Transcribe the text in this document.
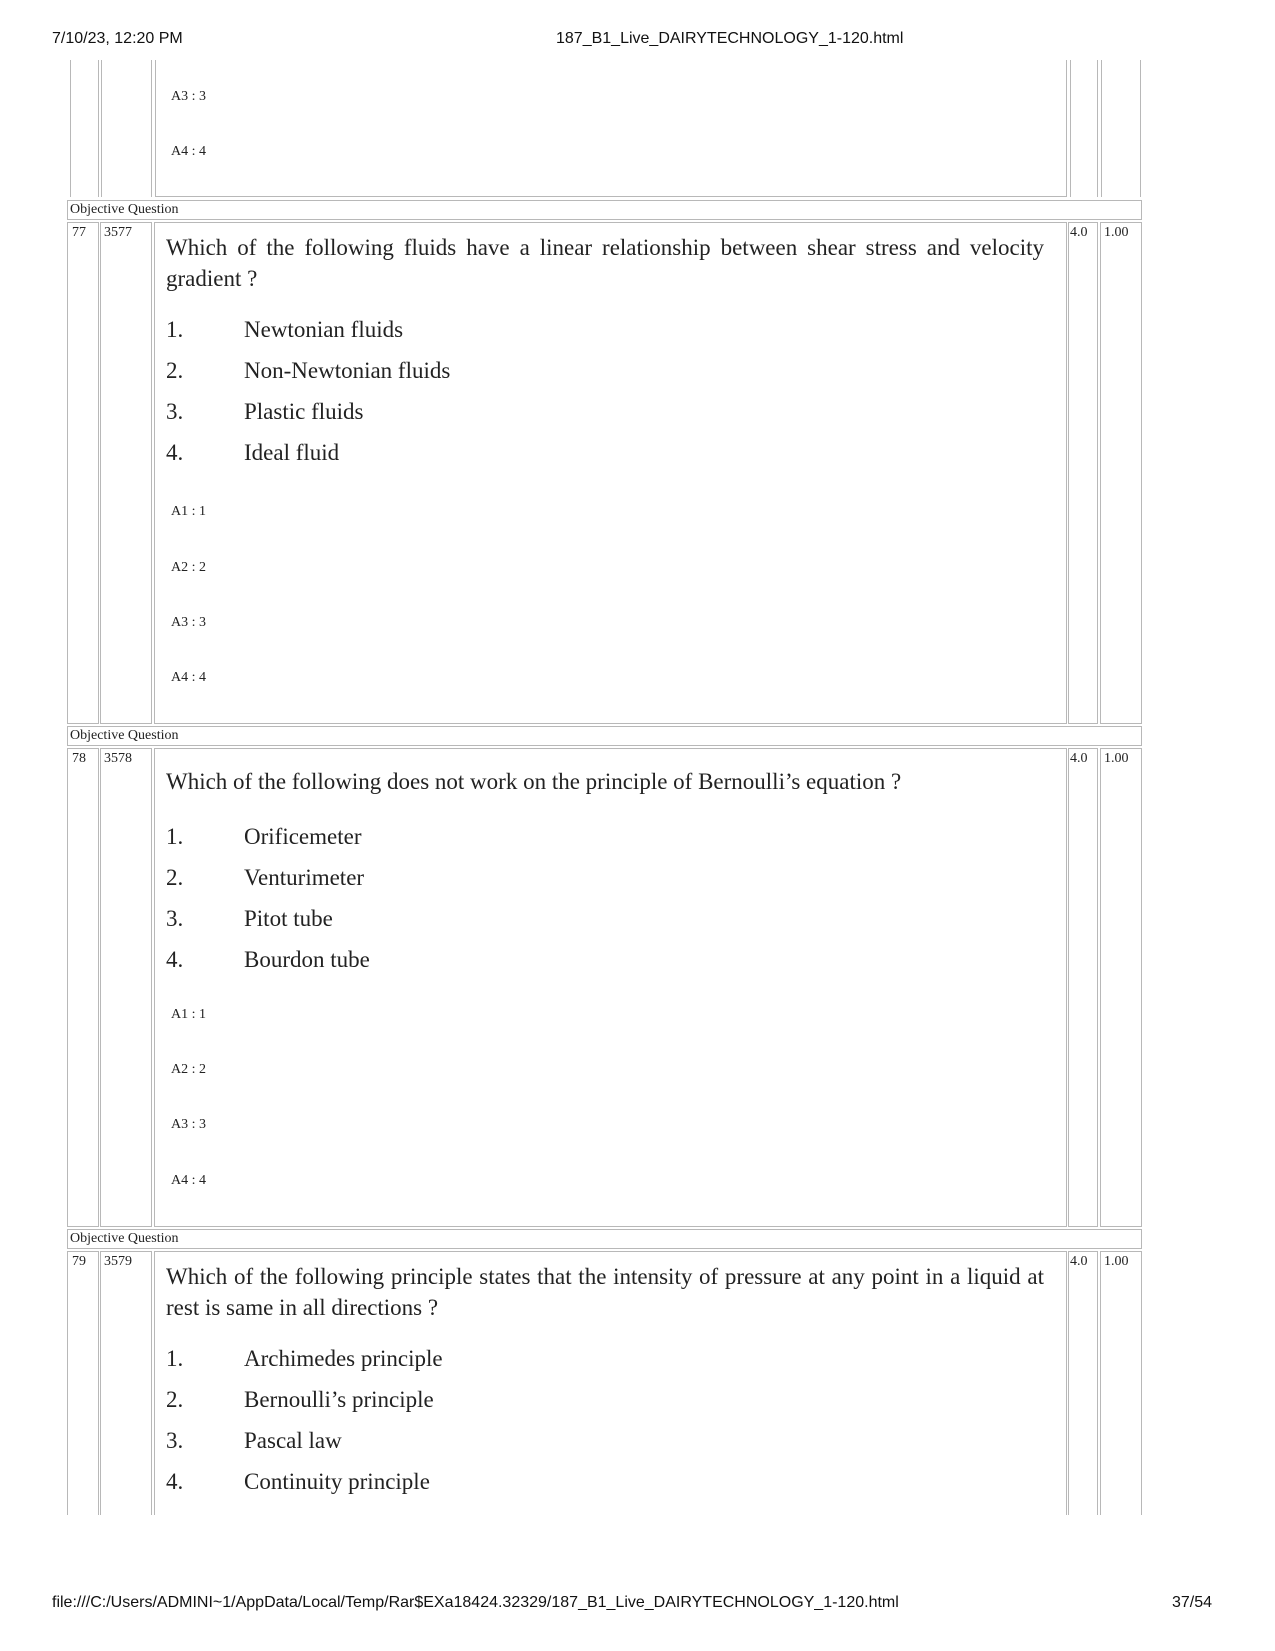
7/10/23, 12:20 PM	187_B1_Live_DAIRYTECHNOLOGY_1-120.html
A3 : 3
A4 : 4
Objective Question
77 3577	4.0 1.00
Which of the following fluids have a linear relationship between shear stress and velocity gradient ?
1.	Newtonian fluids
2.	Non-Newtonian fluids
3.	Plastic fluids
4.	Ideal fluid
A1 : 1
A2 : 2
A3 : 3
A4 : 4
Objective Question
78 3578	4.0 1.00
Which of the following does not work on the principle of Bernoulli’s equation ?
1.	Orificemeter
2.	Venturimeter
3.	Pitot tube
4.	Bourdon tube
A1 : 1
A2 : 2
A3 : 3
A4 : 4
Objective Question
79 3579	4.0 1.00
Which of the following principle states that the intensity of pressure at any point in a liquid at rest is same in all directions ?
1.	Archimedes principle
2.	Bernoulli’s principle
3.	Pascal law
4.	Continuity principle
file:///C:/Users/ADMINI~1/AppData/Local/Temp/Rar$EXa18424.32329/187_B1_Live_DAIRYTECHNOLOGY_1-120.html	37/54
